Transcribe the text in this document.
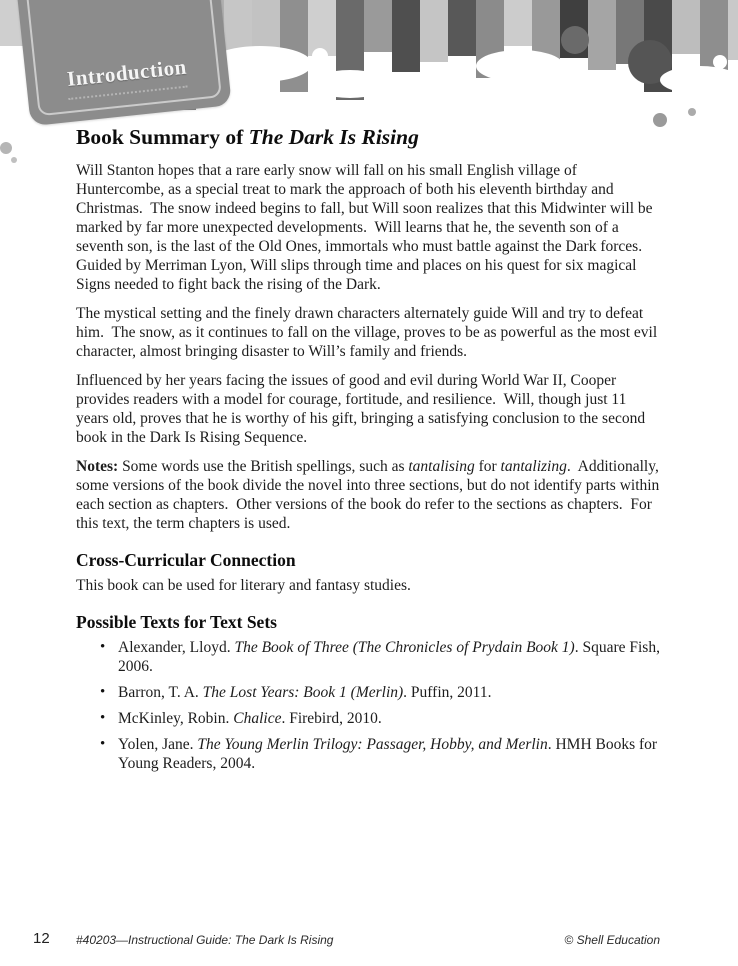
Introduction
Book Summary of The Dark Is Rising

Will Stanton hopes that a rare early snow will fall on his small English village of Huntercombe, as a special treat to mark the approach of both his eleventh birthday and Christmas.  The snow indeed begins to fall, but Will soon realizes that this Midwinter will be marked by far more unexpected developments.  Will learns that he, the seventh son of a seventh son, is the last of the Old Ones, immortals who must battle against the Dark forces.  Guided by Merriman Lyon, Will slips through time and places on his quest for six magical Signs needed to fight back the rising of the Dark.

The mystical setting and the finely drawn characters alternately guide Will and try to defeat him.  The snow, as it continues to fall on the village, proves to be as powerful as the most evil character, almost bringing disaster to Will’s family and friends.

Influenced by her years facing the issues of good and evil during World War II, Cooper provides readers with a model for courage, fortitude, and resilience.  Will, though just 11 years old, proves that he is worthy of his gift, bringing a satisfying conclusion to the second book in the Dark Is Rising Sequence.

Notes: Some words use the British spellings, such as tantalising for tantalizing.  Additionally, some versions of the book divide the novel into three sections, but do not identify parts within each section as chapters.  Other versions of the book do refer to the sections as chapters.  For this text, the term chapters is used.

Cross-Curricular Connection

This book can be used for literary and fantasy studies.

Possible Texts for Text Sets
• Alexander, Lloyd. The Book of Three (The Chronicles of Prydain Book 1). Square Fish, 2006.
• Barron, T. A. The Lost Years: Book 1 (Merlin). Puffin, 2011.
• McKinley, Robin. Chalice. Firebird, 2010.
• Yolen, Jane. The Young Merlin Trilogy: Passager, Hobby, and Merlin. HMH Books for Young Readers, 2004.
12 #40203—Instructional Guide: The Dark Is Rising	© Shell Education
